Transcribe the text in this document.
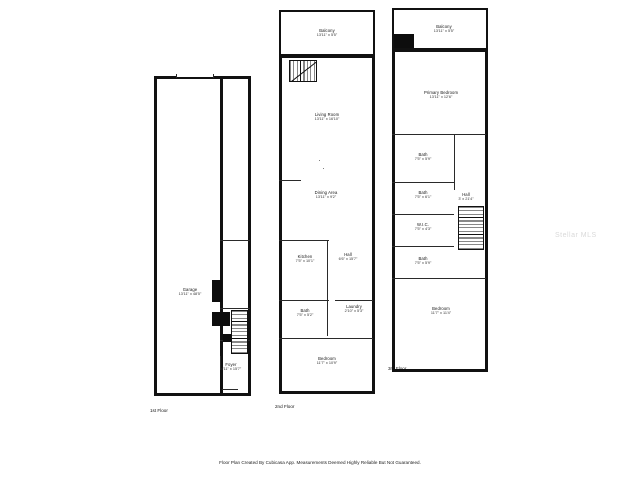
Garage
13'11" x 48'5"
Foyer
4'11" x 15'7"
1st Floor
Balcony
13'11" x 5'5"
Living Room
13'11" x 16'10"
Dining Area
13'11" x 9'2"
Kitchen
7'5" x 10'1"
Hall
6'6" x 15'7"
Bath
7'5" x 5'2"
Laundry
2'10" x 5'3"
Bedroom
11'7" x 10'9"
2nd Floor
Balcony
13'11" x 5'5"
Primary Bedroom
13'11" x 12'6"
Bath
7'5" x 5'9"
Bath
7'5" x 6'1"
Hall
3' x 21'4"
W.I.C.
7'5" x 4'3"
Bath
7'5" x 5'9"
Bedroom
11'7" x 11'4"
3rd Floor
Stellar MLS
Floor Plan Created By Cubicasa App. Measurements Deemed Highly Reliable But Not Guaranteed.
